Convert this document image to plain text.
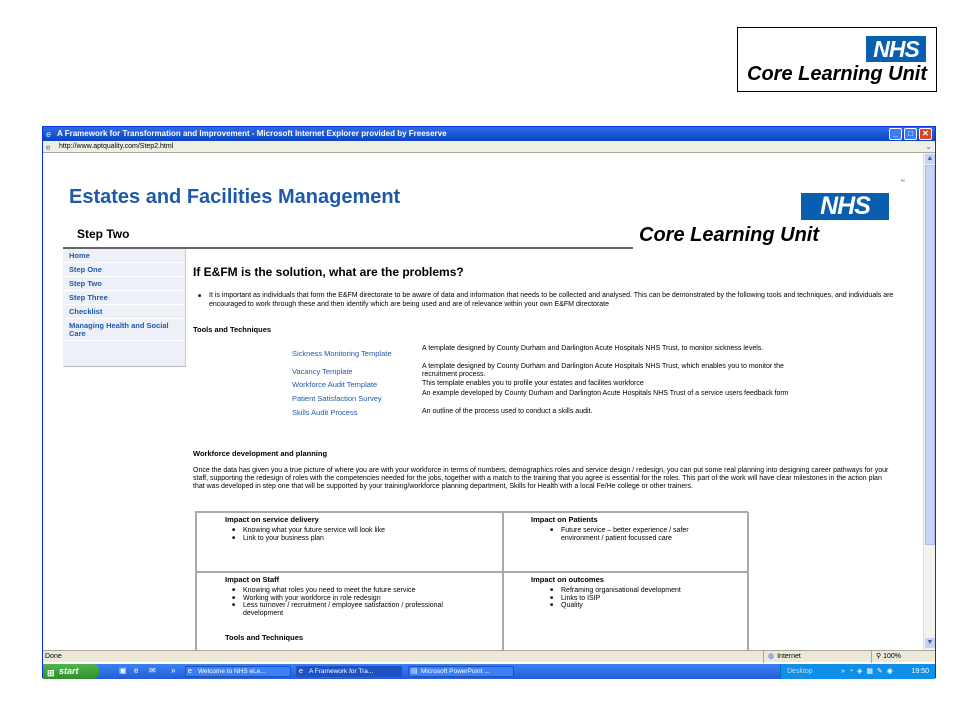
NHS
Core Learning Unit
e A Framework for Transformation and Improvement - Microsoft Internet Explorer provided by Freeserve	_	□	✕
e http://www.aptquality.com/Step2.html	⌄
Estates and Facilities Management
™
NHS
Core Learning Unit
Step Two
Home
Step One
Step Two
Step Three
Checklist
Managing Health and Social Care
If E&FM is the solution, what are the problems?
■ It is important as individuals that form the E&FM directorate to be aware of data and information that needs to be collected and analysed. This can be demonstrated by the following tools and techniques, and individuals are encouraged to work through these and then identify which are being used and are of relevance within your own E&FM directorate
Tools and Techniques
Sickness Monitoring Template
A template designed by County Durham and Darlington Acute Hospitals NHS Trust, to monitor sickness levels.
Vacancy Template
A template designed by County Durham and Darlington Acute Hospitals NHS Trust, which enables you to monitor the recruitment process.
Workforce Audit Template	This template enables you to profile your estates and facilites workforce
Patient Satisfaction Survey
An example developed by County Durham and Darlington Acute Hospitals NHS Trust of a service users feedback form
Skills Audit Process	An outline of the process used to conduct a skills audit.
Workforce development and planning
Once the data has given you a true picture of where you are with your workforce in terms of numbers, demographics roles and service design / redesign, you can put some real planning into designing career pathways for your staff, supporting the redesign of roles with the competencies needed for the jobs, together with a match to the training that you agree is essential for the roles. This part of the work will have clear milestones in the action plan that was developed in step one that will be supported by your training/workforce planning department, Skills for Health with a local Fe/He college or other trainers.
Impact on service delivery
■ Knowing what your future service will look like
■ Link to your business plan
Impact on Patients
■ Future service – better experience / safer environment / patient focussed care
Impact on Staff
■ Knowing what roles you need to meet the future service
■ Working with your workforce in role redesign
■ Less turnover / recruitment / employee satisfaction / professional development
Tools and Techniques
Impact on outcomes
■ Reframing organisational development
■ Links to ISIP
■ Quality
▲
▼
Done	◍ Internet	⚲ 100%
⊞ start	▣ e ✉ » e Welcome to NHS eLe...	e A Framework for Tra...	▤ Microsoft PowerPoint ...	Desktop	» ◔ ◈ ▦ ✎ ◉	19:50
